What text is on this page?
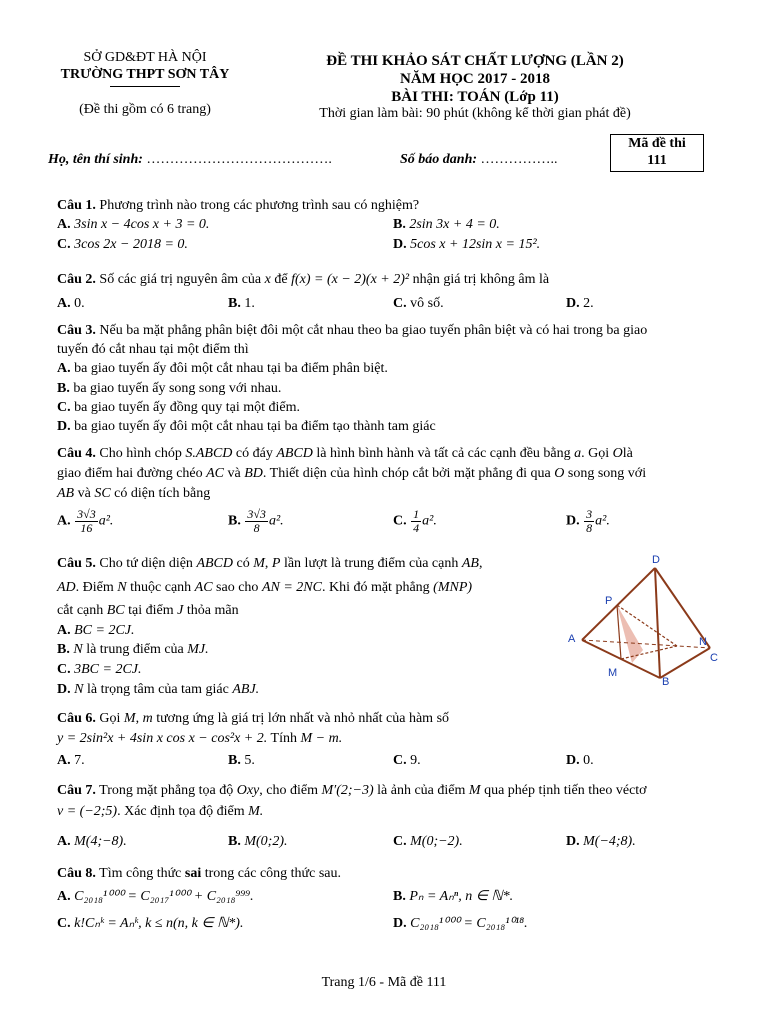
SỞ GD&ĐT HÀ NỘI
TRƯỜNG THPT SƠN TÂY
(Đề thi gồm có 6 trang)
ĐỀ THI KHẢO SÁT CHẤT LƯỢNG (LẦN 2)
NĂM HỌC 2017 - 2018
BÀI THI: TOÁN (Lớp 11)
Thời gian làm bài: 90 phút (không kể thời gian phát đề)
Mã đề thi
111
Họ, tên thí sinh: ………………………………….	Số báo danh: ……………..
Câu 1. Phương trình nào trong các phương trình sau có nghiệm?
A. 3sin x − 4cos x + 3 = 0.	B. 2sin 3x + 4 = 0.
C. 3cos 2x − 2018 = 0.	D. 5cos x + 12sin x = 15².
Câu 2. Số các giá trị nguyên âm của x để f(x) = (x − 2)(x + 2)² nhận giá trị không âm là
A. 0.	B. 1.	C. vô số.	D. 2.
Câu 3. Nếu ba mặt phẳng phân biệt đôi một cắt nhau theo ba giao tuyến phân biệt và có hai trong ba giao
tuyến đó cắt nhau tại một điểm thì
A. ba giao tuyến ấy đôi một cắt nhau tại ba điểm phân biệt.
B. ba giao tuyến ấy song song với nhau.
C. ba giao tuyến ấy đồng quy tại một điểm.
D. ba giao tuyến ấy đôi một cắt nhau tại ba điểm tạo thành tam giác
Câu 4. Cho hình chóp S.ABCD có đáy ABCD là hình bình hành và tất cả các cạnh đều bằng a. Gọi Olà
giao điểm hai đường chéo AC và BD. Thiết diện của hình chóp cắt bởi mặt phẳng đi qua O song song với
AB và SC có diện tích bằng
A. $\frac{3√3}{16} a^2$.	B. $\frac{3√3}{8} a^2$.	C. $\frac{1}{4} a^2$.	D. $\frac{3}{8} a^2$.
Câu 5. Cho tứ diện diện ABCD có M, P lần lượt là trung điểm của cạnh AB,
AD. Điểm N thuộc cạnh AC sao cho AN = 2NC. Khi đó mặt phẳng (MNP)
cắt cạnh BC tại điểm J thỏa mãn
A. BC = 2CJ.
B. N là trung điểm của MJ.
C. 3BC = 2CJ.
D. N là trọng tâm của tam giác ABJ.
D
P
A	N
C
M
B
Câu 6. Gọi M, m tương ứng là giá trị lớn nhất và nhỏ nhất của hàm số
y = 2sin²x + 4sin x cos x − cos²x + 2. Tính M − m.
A. 7.	B. 5.	C. 9.	D. 0.
Câu 7. Trong mặt phẳng tọa độ Oxy, cho điểm M′(2;−3) là ảnh của điểm M qua phép tịnh tiến theo véctơ
v = (−2;5). Xác định tọa độ điểm M.
A. M(4;−8).	B. M(0;2).	C. M(0;−2).	D. M(−4;8).
Câu 8. Tìm công thức sai trong các công thức sau.
A. C₂₀₁₈¹⁰⁰⁰ = C₂₀₁₇¹⁰⁰⁰ + C₂₀₁₈⁹⁹⁹.	B. Pₙ = Aₙⁿ, n ∈ ℕ*.
C. k!Cₙᵏ = Aₙᵏ, k ≤ n(n, k ∈ ℕ*).	D. C₂₀₁₈¹⁰⁰⁰ = C₂₀₁₈¹⁰¹⁸.
Trang 1/6 - Mã đề 111
